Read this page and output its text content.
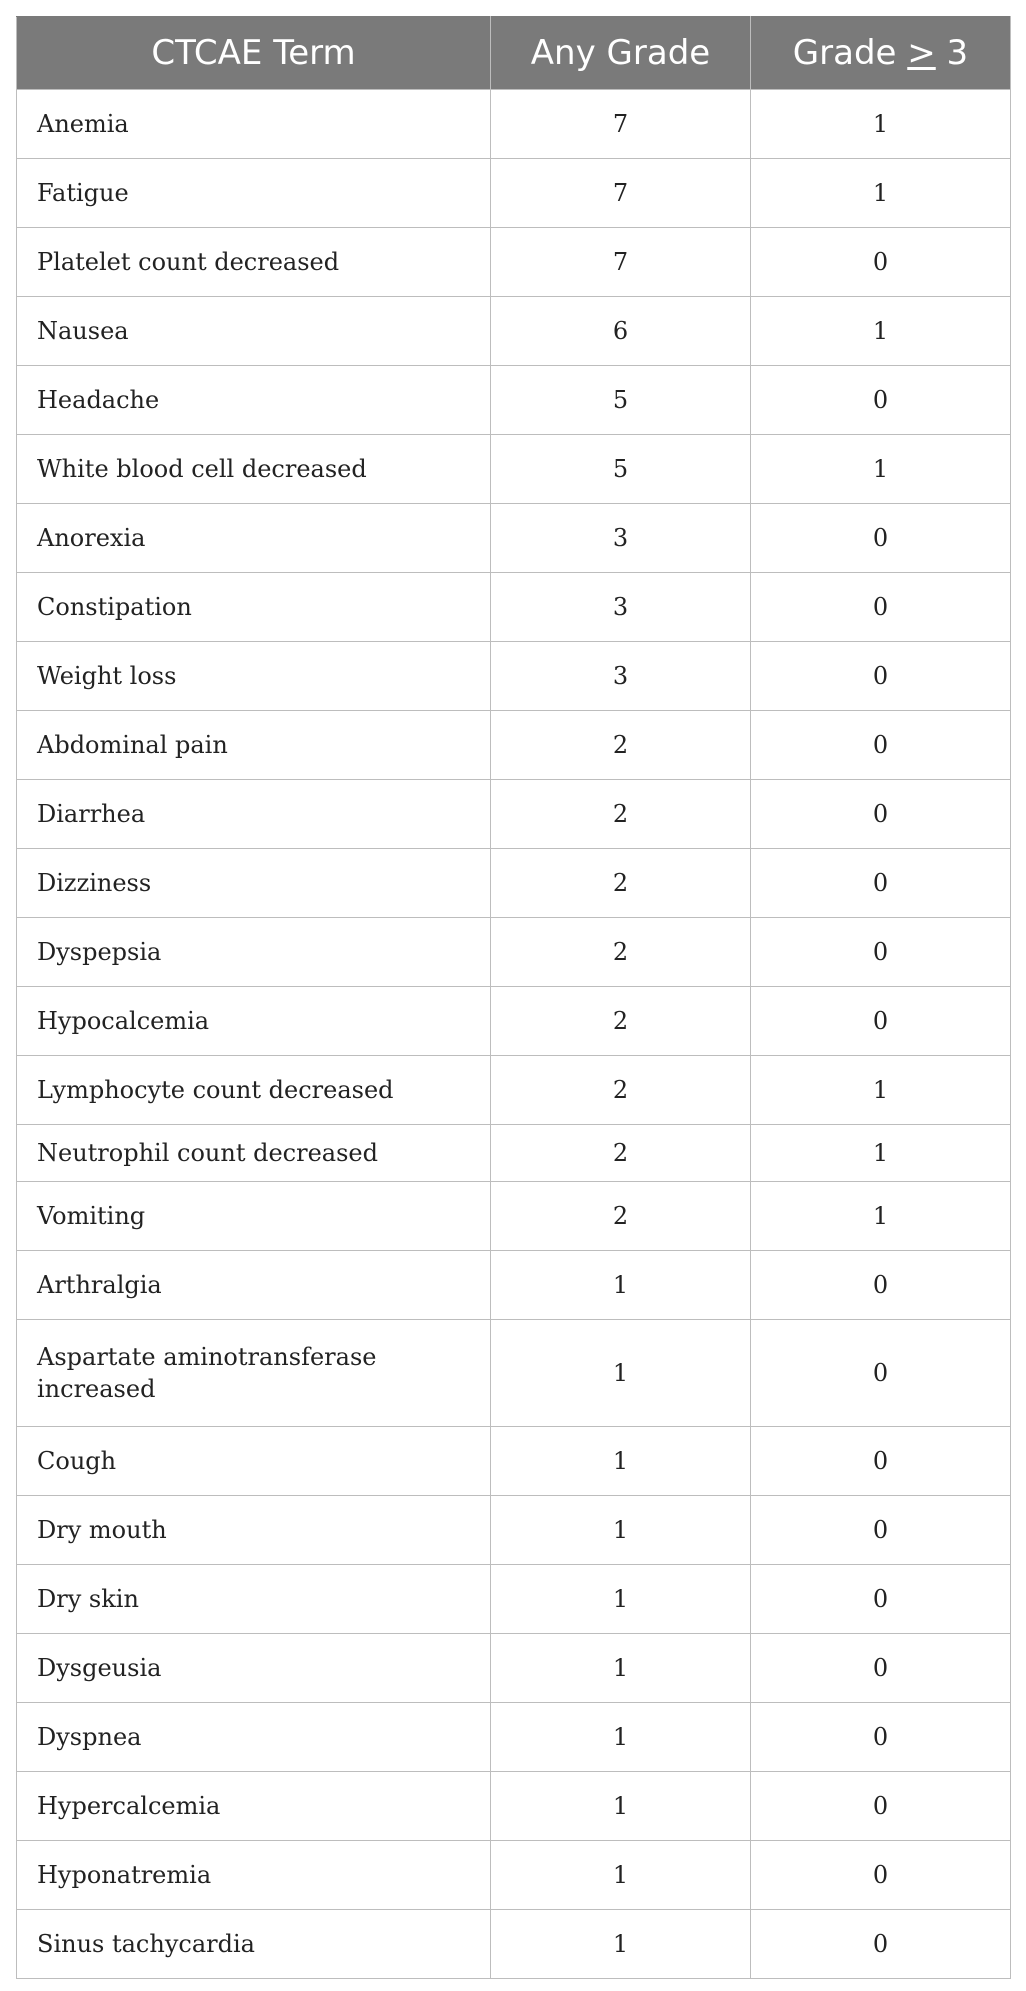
CTCAE Term	Any Grade	Grade > 3
Anemia	7	1
Fatigue	7	1
Platelet count decreased	7	0
Nausea	6	1
Headache	5	0
White blood cell decreased	5	1
Anorexia	3	0
Constipation	3	0
Weight loss	3	0
Abdominal pain	2	0
Diarrhea	2	0
Dizziness	2	0
Dyspepsia	2	0
Hypocalcemia	2	0
Lymphocyte count decreased	2	1
Neutrophil count decreased	2	1
Vomiting	2	1
Arthralgia	1	0
Aspartate aminotransferase increased	1	0
Cough	1	0
Dry mouth	1	0
Dry skin	1	0
Dysgeusia	1	0
Dyspnea	1	0
Hypercalcemia	1	0
Hyponatremia	1	0
Sinus tachycardia	1	0
